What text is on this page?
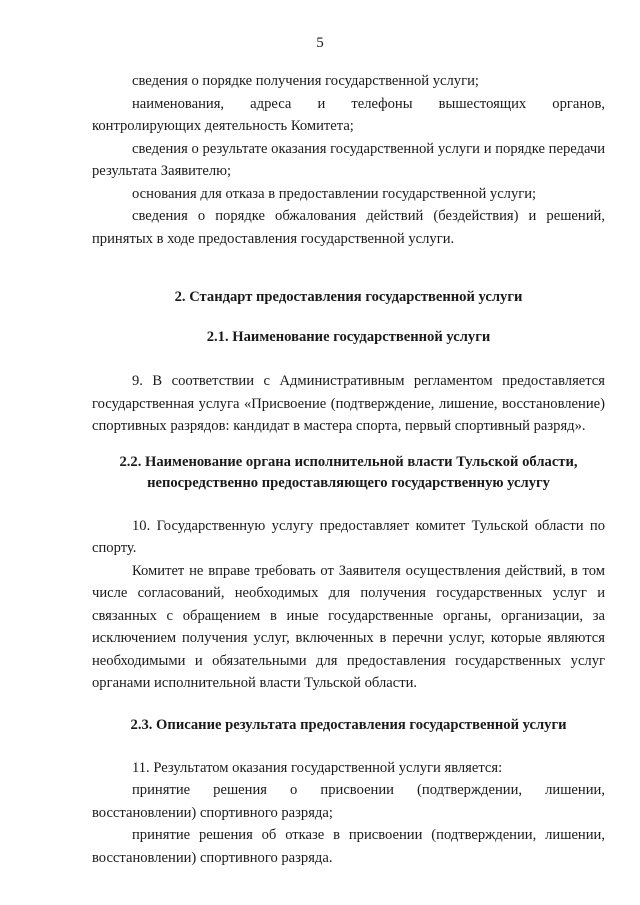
5

сведения о порядке получения государственной услуги;

наименования, адреса и телефоны вышестоящих органов, контролирующих деятельность Комитета;

сведения о результате оказания государственной услуги и порядке передачи результата Заявителю;

основания для отказа в предоставлении государственной услуги;

сведения о порядке обжалования действий (бездействия) и решений, принятых в ходе предоставления государственной услуги.

2. Стандарт предоставления государственной услуги
2.1. Наименование государственной услуги

9. В соответствии с Административным регламентом предоставляется государственная услуга «Присвоение (подтверждение, лишение, восстановление) спортивных разрядов: кандидат в мастера спорта, первый спортивный разряд».

2.2. Наименование органа исполнительной власти Тульской области,
непосредственно предоставляющего государственную услугу

10. Государственную услугу предоставляет комитет Тульской области по спорту.

Комитет не вправе требовать от Заявителя осуществления действий, в том числе согласований, необходимых для получения государственных услуг и связанных с обращением в иные государственные органы, организации, за исключением получения услуг, включенных в перечни услуг, которые являются необходимыми и обязательными для предоставления государственных услуг органами исполнительной власти Тульской области.

2.3. Описание результата предоставления государственной услуги

11. Результатом оказания государственной услуги является:

принятие решения о присвоении (подтверждении, лишении, восстановлении) спортивного разряда;

принятие решения об отказе в присвоении (подтверждении, лишении, восстановлении) спортивного разряда.
